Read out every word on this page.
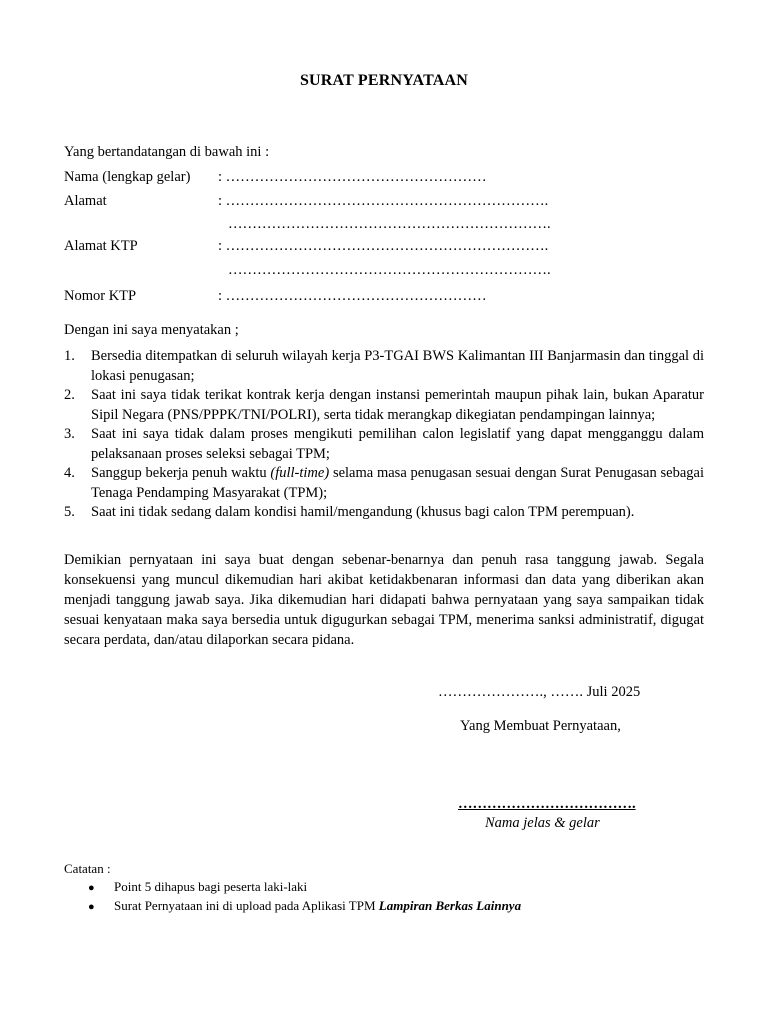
SURAT PERNYATAAN
Yang bertandatangan di bawah ini :
Nama (lengkap gelar)	: ………………………………………………
Alamat	: ………………………………………………………….
………………………………………………………….
Alamat KTP	: ………………………………………………………….
………………………………………………………….
Nomor KTP	: ………………………………………………
Dengan ini saya menyatakan ;
1.	Bersedia ditempatkan di seluruh wilayah kerja P3-TGAI BWS Kalimantan III Banjarmasin dan tinggal di lokasi penugasan;
2.	Saat ini saya tidak terikat kontrak kerja dengan instansi pemerintah maupun pihak lain, bukan Aparatur Sipil Negara (PNS/PPPK/TNI/POLRI), serta tidak merangkap dikegiatan pendampingan lainnya;
3.	Saat ini saya tidak dalam proses mengikuti pemilihan calon legislatif yang dapat mengganggu dalam pelaksanaan proses seleksi sebagai TPM;
4.	Sanggup bekerja penuh waktu (full-time) selama masa penugasan sesuai dengan Surat Penugasan sebagai Tenaga Pendamping Masyarakat (TPM);
5.	Saat ini tidak sedang dalam kondisi hamil/mengandung (khusus bagi calon TPM perempuan).
Demikian pernyataan ini saya buat dengan sebenar-benarnya dan penuh rasa tanggung jawab. Segala konsekuensi yang muncul dikemudian hari akibat ketidakbenaran informasi dan data yang diberikan akan menjadi tanggung jawab saya. Jika dikemudian hari didapati bahwa pernyataan yang saya sampaikan tidak sesuai kenyataan maka saya bersedia untuk digugurkan sebagai TPM, menerima sanksi administratif, digugat secara perdata, dan/atau dilaporkan secara pidana.
…………………., ……. Juli 2025
Yang Membuat Pernyataan,
……………………………….
Nama jelas & gelar
Catatan :
●	Point 5 dihapus bagi peserta laki-laki
●	Surat Pernyataan ini di upload pada Aplikasi TPM Lampiran Berkas Lainnya
